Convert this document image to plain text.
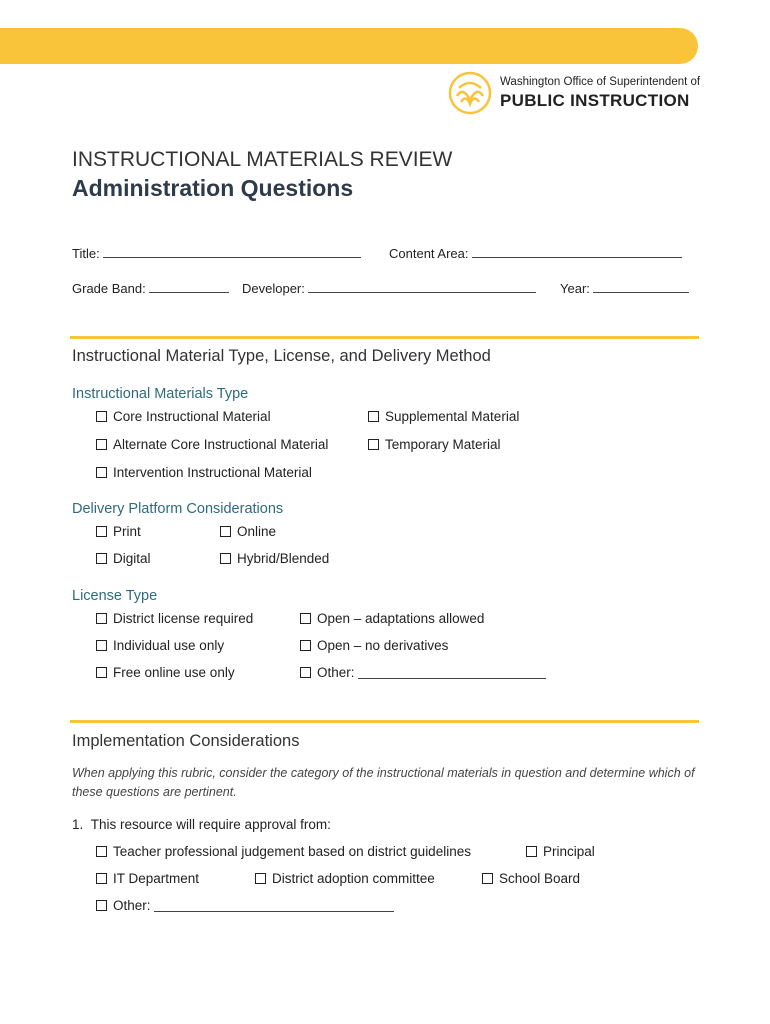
Washington Office of Superintendent of
PUBLIC INSTRUCTION
INSTRUCTIONAL MATERIALS REVIEW
Administration Questions
Title:	Content Area:
Grade Band:	Developer:	Year:
Instructional Material Type, License, and Delivery Method
Instructional Materials Type
Core Instructional Material	Supplemental Material
Alternate Core Instructional Material	Temporary Material
Intervention Instructional Material
Delivery Platform Considerations
Print	Online
Digital	Hybrid/Blended
License Type
District license required	Open – adaptations allowed
Individual use only	Open – no derivatives
Free online use only	Other:
Implementation Considerations
When applying this rubric, consider the category of the instructional materials in question and determine which of these questions are pertinent.
1.  This resource will require approval from:
Teacher professional judgement based on district guidelines	Principal
IT Department	District adoption committee	School Board
Other:
